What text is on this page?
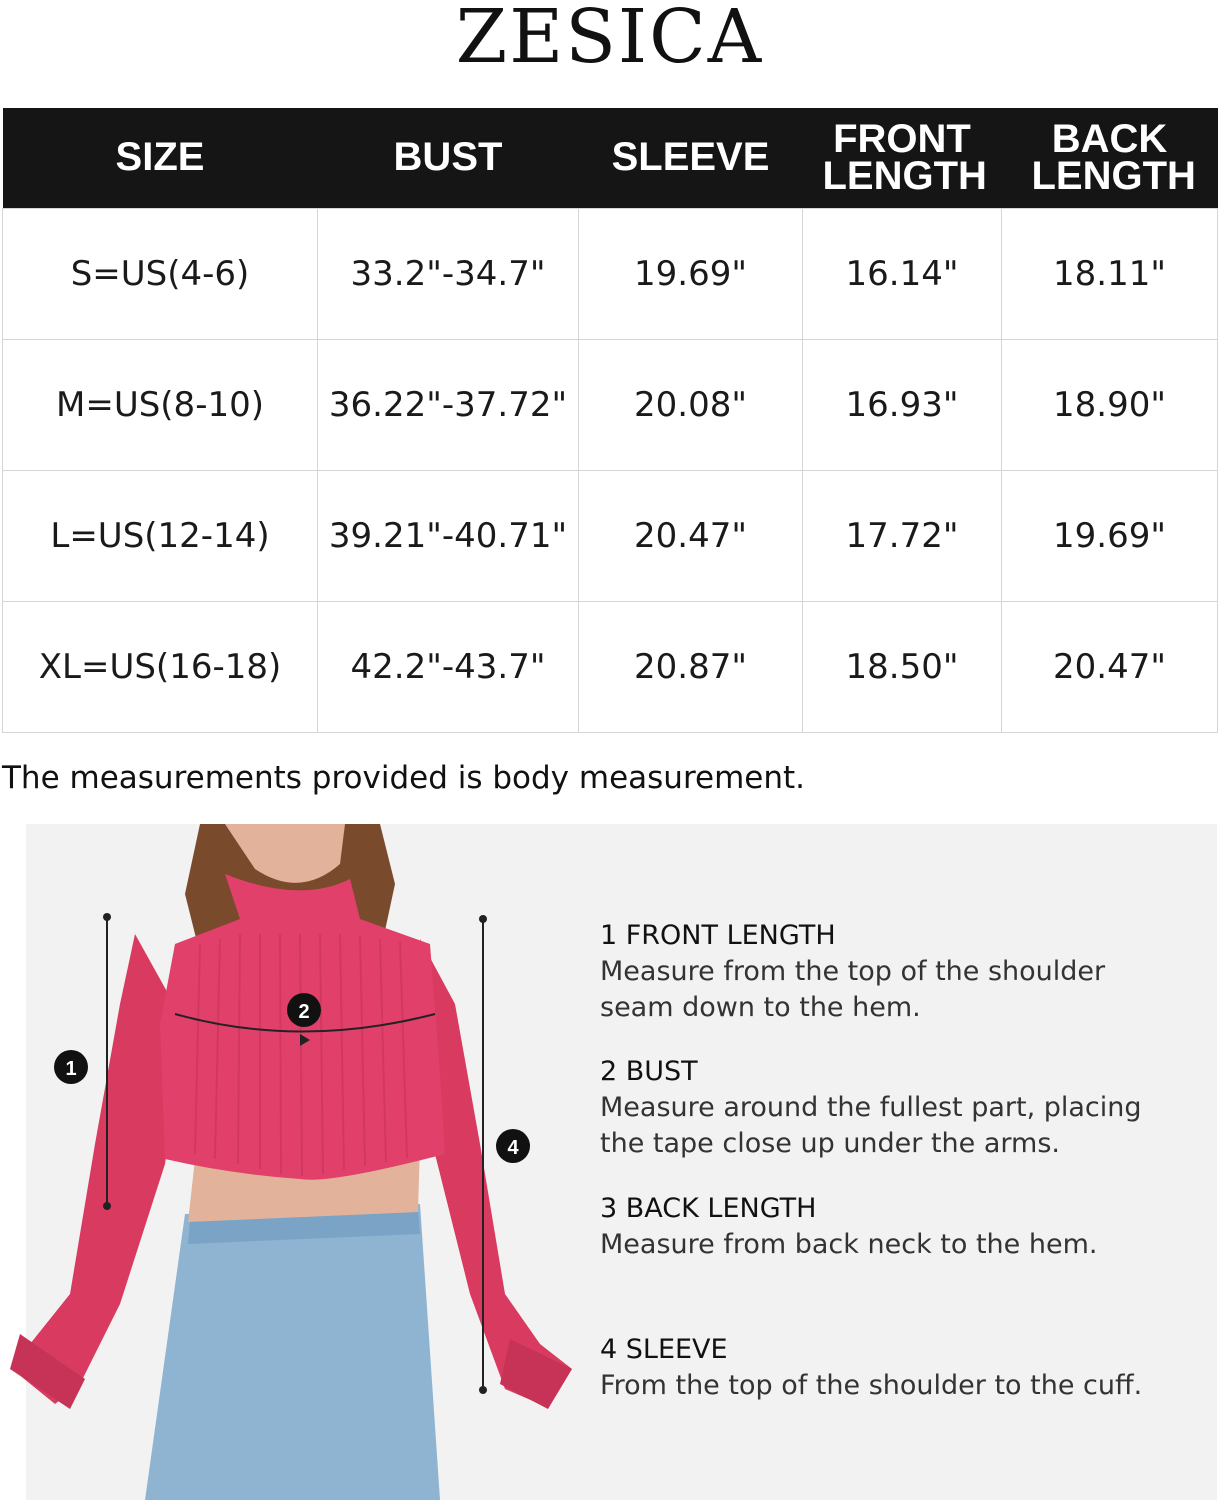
ZESICA
SIZE	BUST	SLEEVE	FRONT LENGTH	BACK LENGTH
S=US(4-6)	33.2"-34.7"	19.69"	16.14"	18.11"
M=US(8-10)	36.22"-37.72"	20.08"	16.93"	18.90"
L=US(12-14)	39.21"-40.71"	20.47"	17.72"	19.69"
XL=US(16-18)	42.2"-43.7"	20.87"	18.50"	20.47"
The measurements provided is body measurement.
1
2
4
1 FRONT LENGTH
Measure from the top of the shoulder
seam down to the hem.
2 BUST
Measure around the fullest part, placing
the tape close up under the arms.
3 BACK LENGTH
Measure from back neck to the hem.
4 SLEEVE
From the top of the shoulder to the cuff.
